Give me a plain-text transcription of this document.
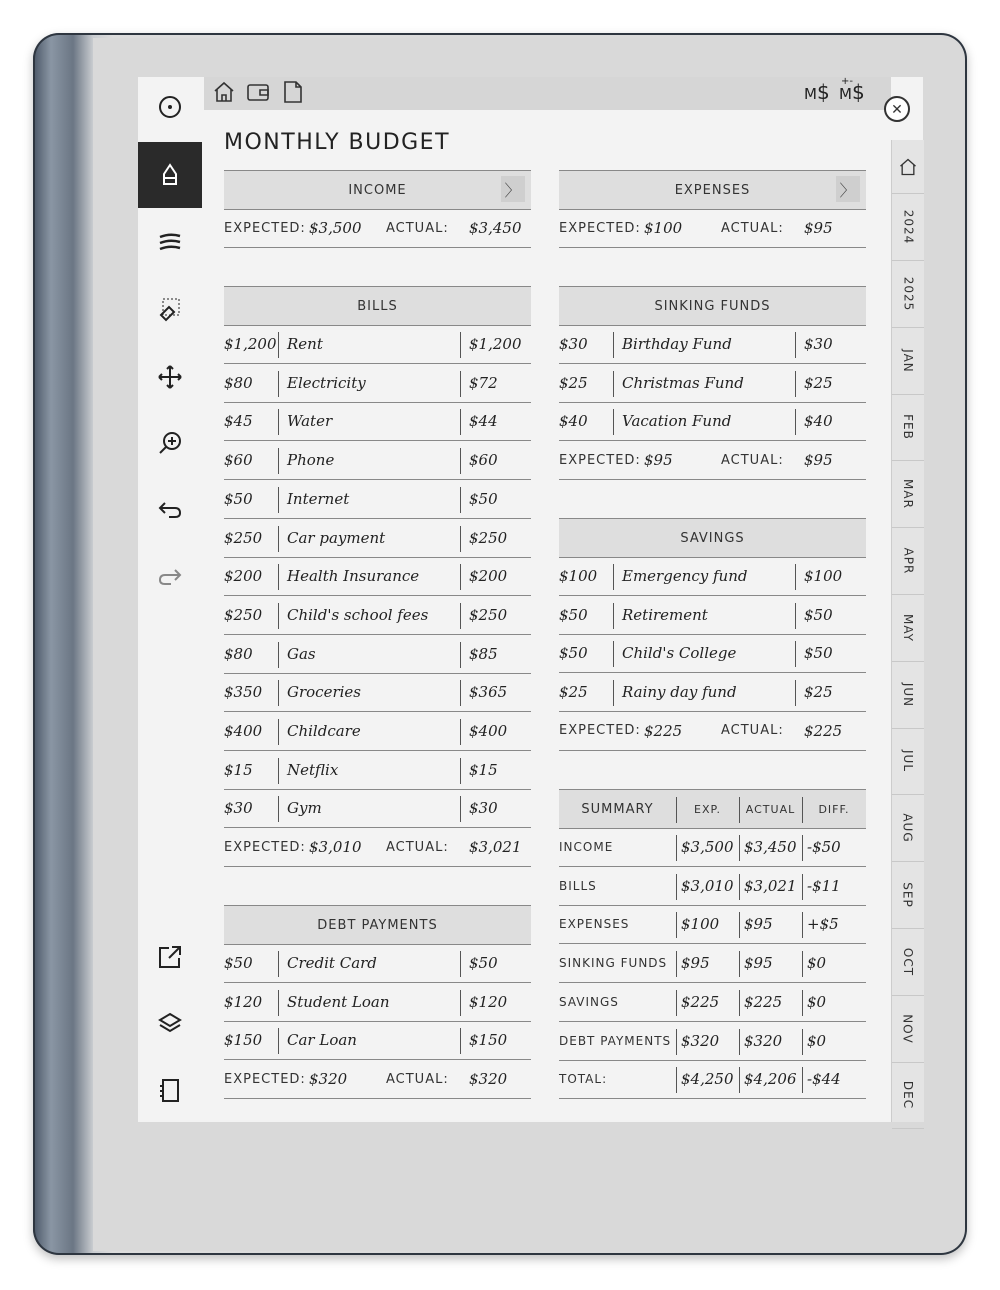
M$ +-
M$
✕
2024
2025
JAN
FEB
MAR
APR
MAY
JUN
JUL
AUG
SEP
OCT
NOV
DEC
MONTHLY BUDGET
INCOME	〉
EXPECTED: $3,500 ACTUAL: $3,450
EXPENSES	〉
EXPECTED: $100	ACTUAL: $95
BILLS
$1,200 Rent	$1,200
$80 Electricity	$72
$45 Water	$44
$60 Phone	$60
$50 Internet	$50
$250 Car payment	$250
$200 Health Insurance	$200
$250 Child's school fees	$250
$80 Gas	$85
$350 Groceries	$365
$400 Childcare	$400
$15 Netflix	$15
$30 Gym	$30
EXPECTED: $3,010 ACTUAL: $3,021
DEBT PAYMENTS
$50 Credit Card	$50
$120 Student Loan	$120
$150 Car Loan	$150
EXPECTED: $320	ACTUAL: $320
SINKING FUNDS
$30 Birthday Fund	$30
$25 Christmas Fund	$25
$40 Vacation Fund	$40
EXPECTED: $95	ACTUAL: $95
SAVINGS
$100 Emergency fund	$100
$50 Retirement	$50
$50 Child's College	$50
$25 Rainy day fund	$25
EXPECTED: $225	ACTUAL: $225
SUMMARY	EXP.	ACTUAL	DIFF.
INCOME	$3,500 $3,450 -$50
BILLS	$3,010 $3,021 -$11
EXPENSES	$100 $95 +$5
SINKING FUNDS $95 $95 $0
SAVINGS	$225 $225 $0
DEBT PAYMENTS $320 $320 $0
TOTAL:	$4,250 $4,206 -$44
